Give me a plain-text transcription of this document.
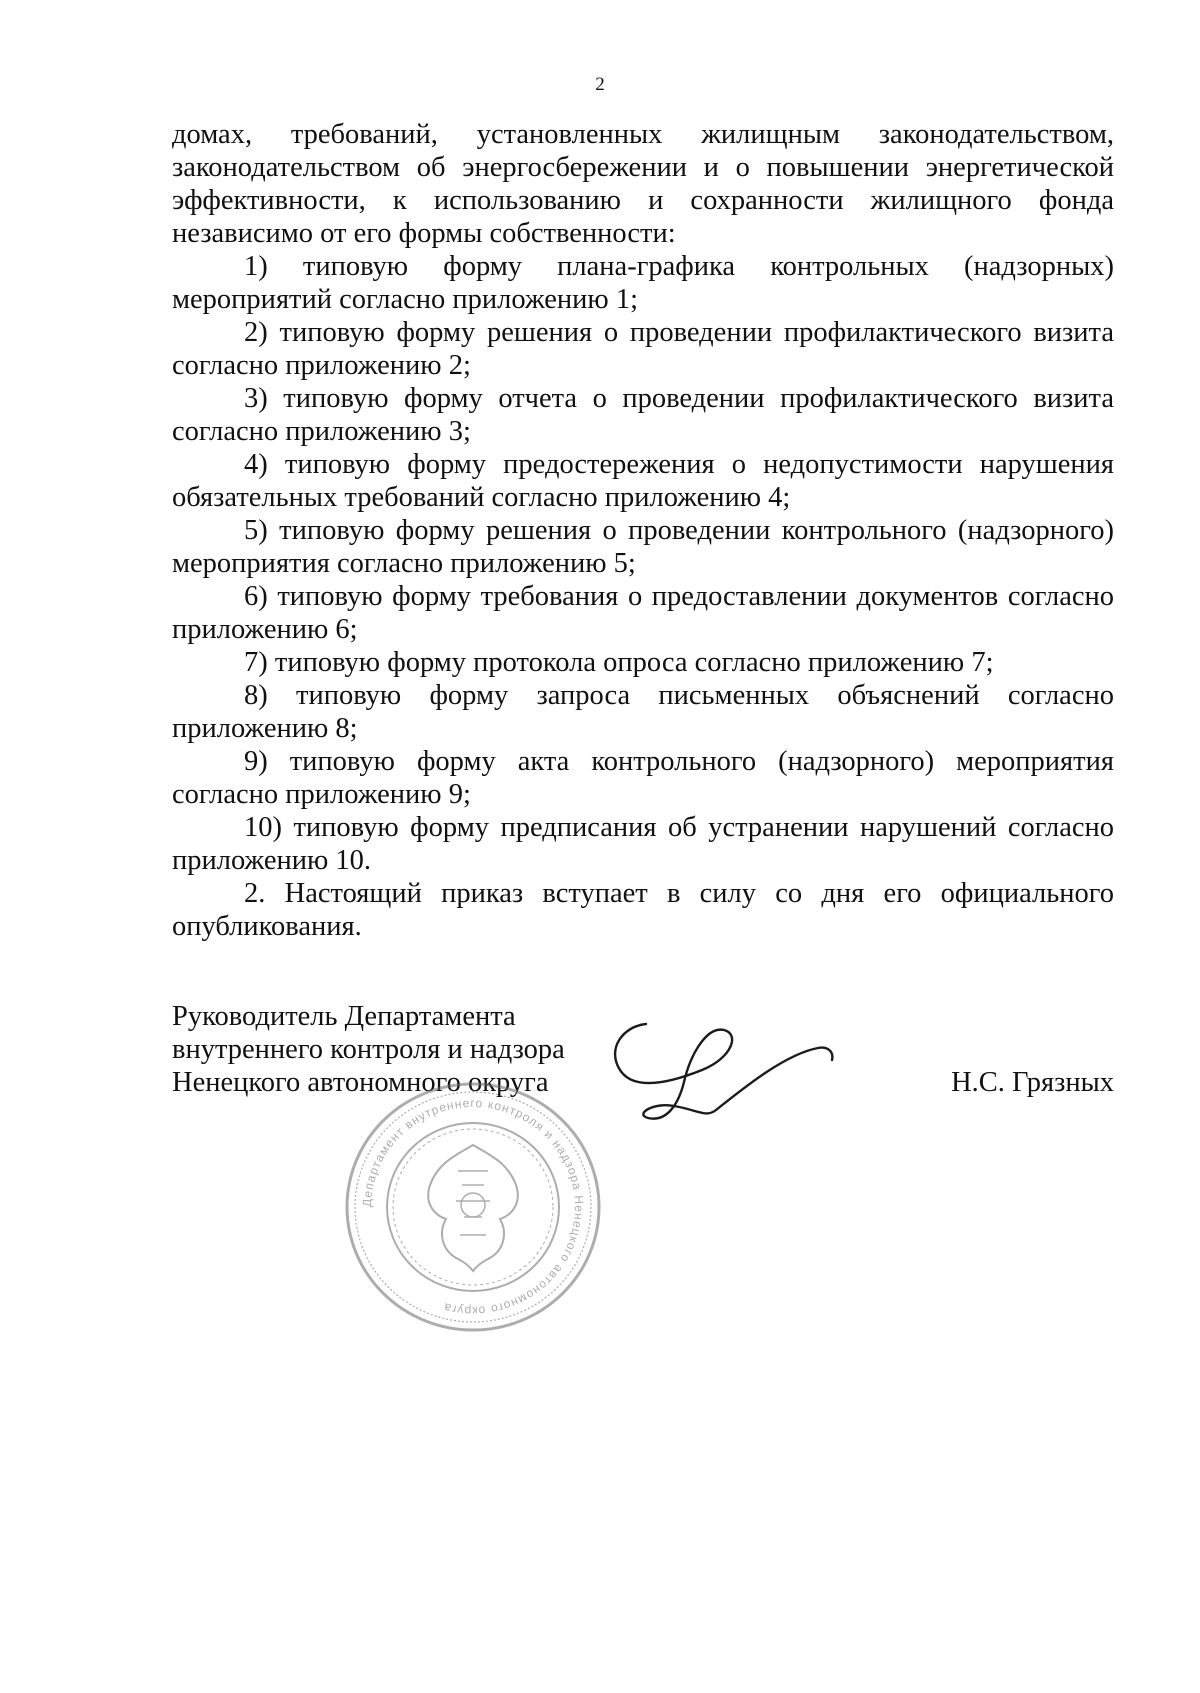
2

домах, требований, установленных жилищным законодательством, законодательством об энергосбережении и о повышении энергетической эффективности, к использованию и сохранности жилищного фонда независимо от его формы собственности:

1) типовую форму плана-графика контрольных (надзорных) мероприятий согласно приложению 1;

2) типовую форму решения о проведении профилактического визита согласно приложению 2;

3) типовую форму отчета о проведении профилактического визита согласно приложению 3;

4) типовую форму предостережения о недопустимости нарушения обязательных требований согласно приложению 4;

5) типовую форму решения о проведении контрольного (надзорного) мероприятия согласно приложению 5;

6) типовую форму требования о предоставлении документов согласно приложению 6;

7) типовую форму протокола опроса согласно приложению 7;

8) типовую форму запроса письменных объяснений согласно приложению 8;

9) типовую форму акта контрольного (надзорного) мероприятия согласно приложению 9;

10) типовую форму предписания об устранении нарушений согласно приложению 10.

2. Настоящий приказ вступает в силу со дня его официального опубликования.

Руководитель Департамента
внутреннего контроля и надзора
Ненецкого автономного округа	Н.С. Грязных
Департамент внутреннего контроля и надзора Ненецкого автономного округа
